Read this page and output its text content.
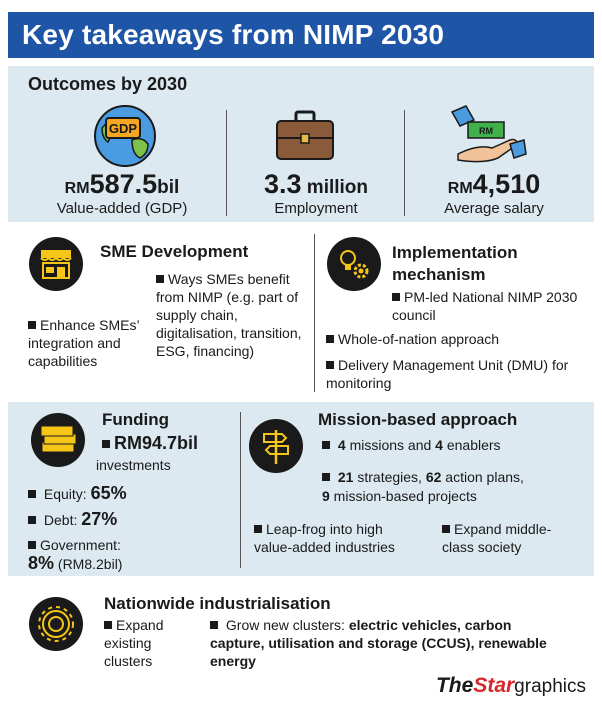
Key takeaways from NIMP 2030
Outcomes by 2030
GDP	RM
RM587.5bil
Value-added (GDP)
3.3 million
Employment
RM4,510
Average salary
SME Development
Enhance SMEs’ integration and capabilities
Ways SMEs benefit from NIMP (e.g. part of supply chain, digitalisation, transition, ESG, financing)
Implementation mechanism
PM-led National NIMP 2030 council
Whole-of-nation approach
Delivery Management Unit (DMU) for monitoring
Funding
RM94.7bil
investments
Equity: 65%
Debt: 27%
Government:
8% (RM8.2bil)
Mission-based approach
4 missions and 4 enablers
21 strategies, 62 action plans,
9 mission-based projects
Leap-frog into high value-added industries
Expand middle-class society
Nationwide industrialisation
Expand existing clusters
Grow new clusters: electric vehicles, carbon capture, utilisation and storage (CCUS), renewable energy
TheStargraphics
